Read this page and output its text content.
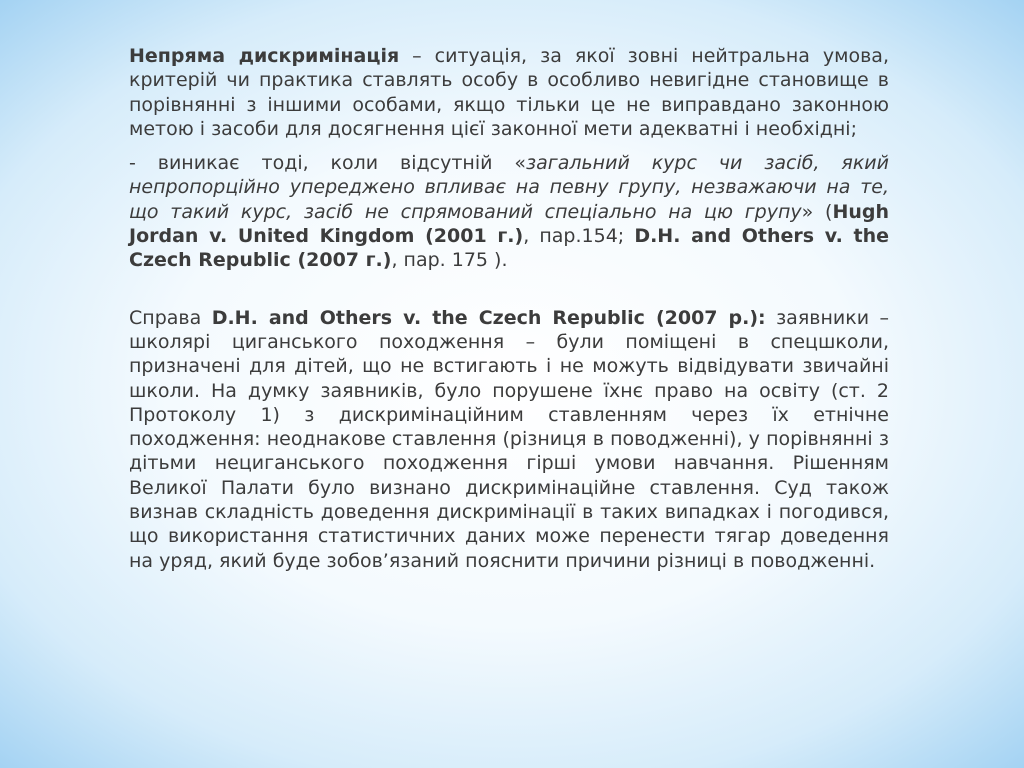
Непряма дискримінація – ситуація, за якої зовні нейтральна умова, критерій чи практика ставлять особу в особливо невигідне становище в порівнянні з іншими особами, якщо тільки це не виправдано законною метою і засоби для досягнення цієї законної мети адекватні і необхідні;

- виникає тоді, коли відсутній «загальний курс чи засіб, який непропорційно упереджено впливає на певну групу, незважаючи на те, що такий курс, засіб не спрямований спеціально на цю групу» (Hugh Jordan v. United Kingdom (2001 г.), пар.154; D.H. and Others v. the Czech Republic (2007 г.), пар. 175 ).

Справа D.H. and Others v. the Czech Republic (2007 р.): заявники – школярі циганського походження – були поміщені в спецшколи, призначені для дітей, що не встигають і не можуть відвідувати звичайні школи. На думку заявників, було порушене їхнє право на освіту (ст. 2 Протоколу 1) з дискримінаційним ставленням через їх етнічне походження: неоднакове ставлення (різниця в поводженні), у порівнянні з дітьми нециганського походження гірші умови навчання. Рішенням Великої Палати було визнано дискримінаційне ставлення. Суд також визнав складність доведення дискримінації в таких випадках і погодився, що використання статистичних даних може перенести тягар доведення на уряд, який буде зобов’язаний пояснити причини різниці в поводженні.
